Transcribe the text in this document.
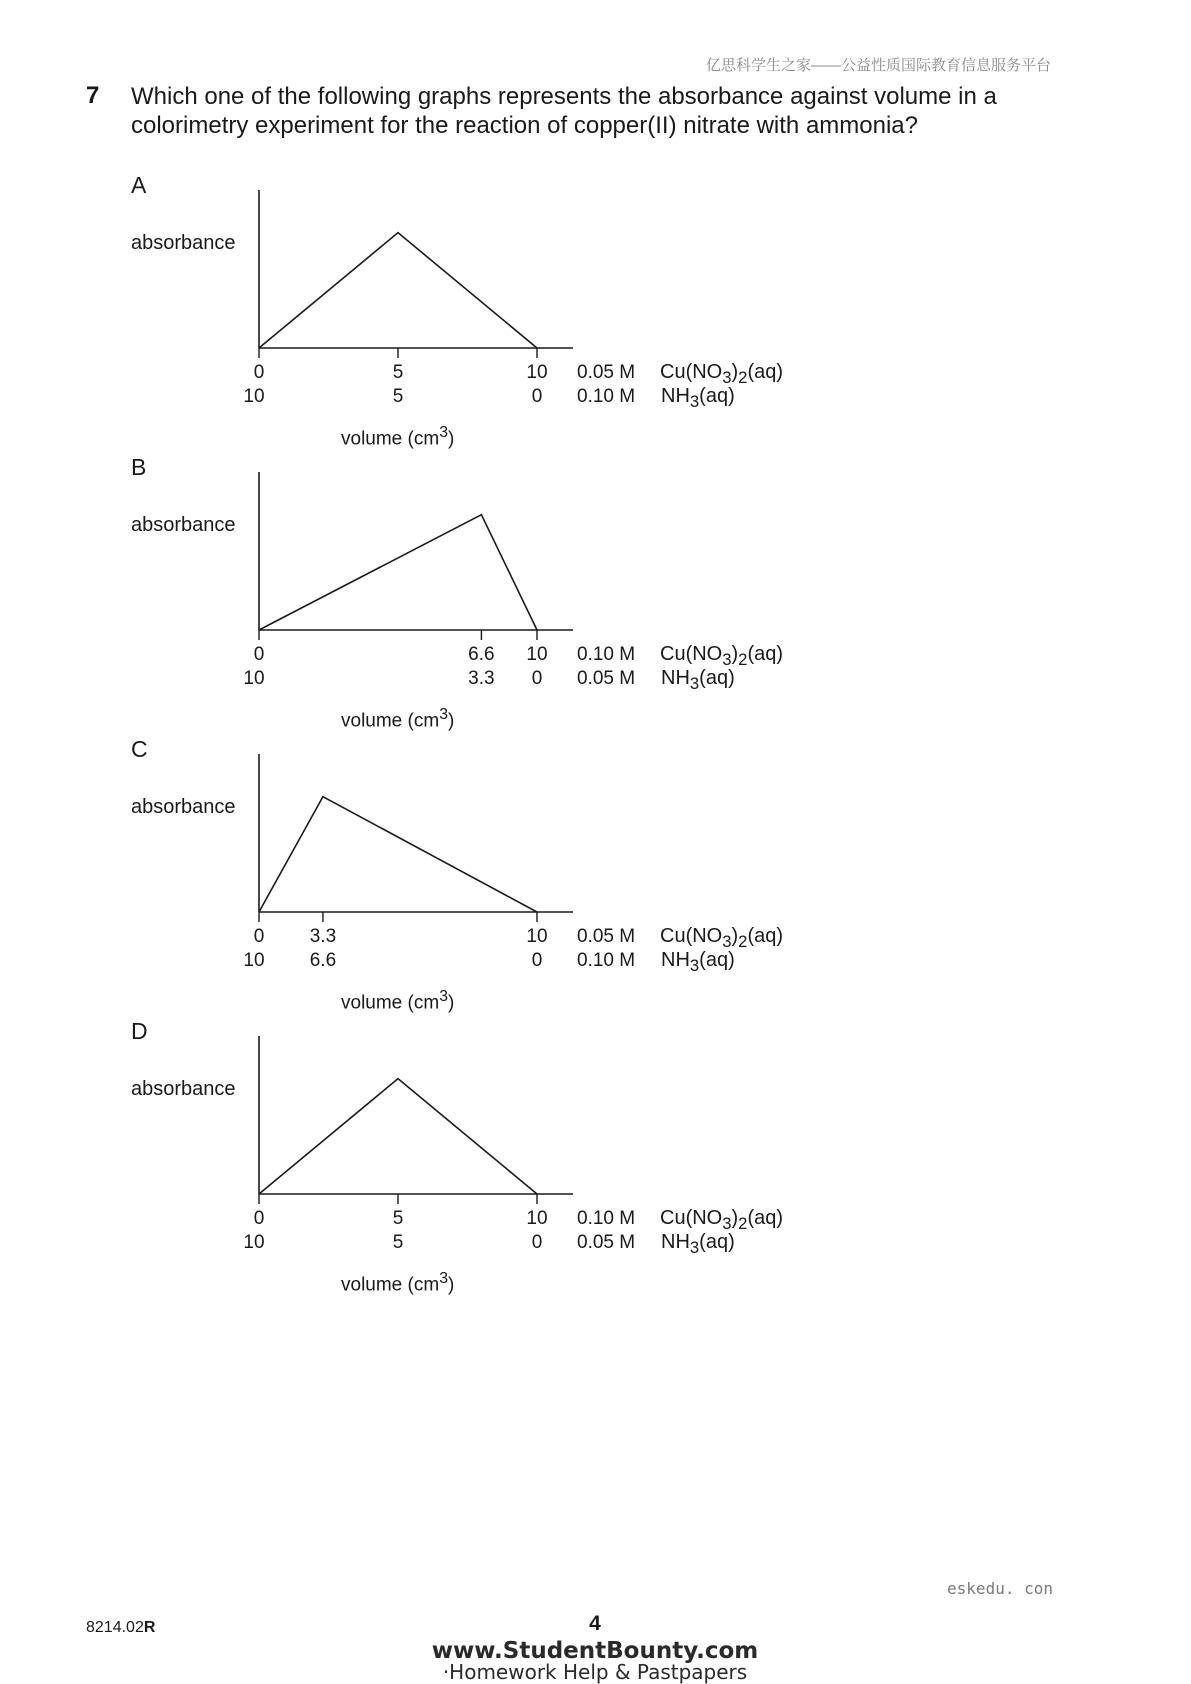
亿思科学生之家——公益性质国际教育信息服务平台
7 Which one of the following graphs represents the absorbance against volume in a colorimetry experiment for the reaction of copper(II) nitrate with ammonia?
A
absorbance
0
10
5
5
10
0
0.05 M
0.10 M
$Cu(NO_3)_2(aq)$
$NH_3(aq)$
volume $(cm^3)$
B
absorbance
0
10
6.6
3.3
10
0
0.10 M
0.05 M
$Cu(NO_3)_2(aq)$
$NH_3(aq)$
volume $(cm^3)$
C
absorbance
0
10
3.3
6.6
10
0
0.05 M
0.10 M
$Cu(NO_3)_2(aq)$
$NH_3(aq)$
volume $(cm^3)$
D
absorbance
0
10
5
5
10
0
0.10 M
0.05 M
$Cu(NO_3)_2(aq)$
$NH_3(aq)$
volume $(cm^3)$
8214.02R	4
eskedu. con
www.StudentBounty.com
·Homework Help & Pastpapers
